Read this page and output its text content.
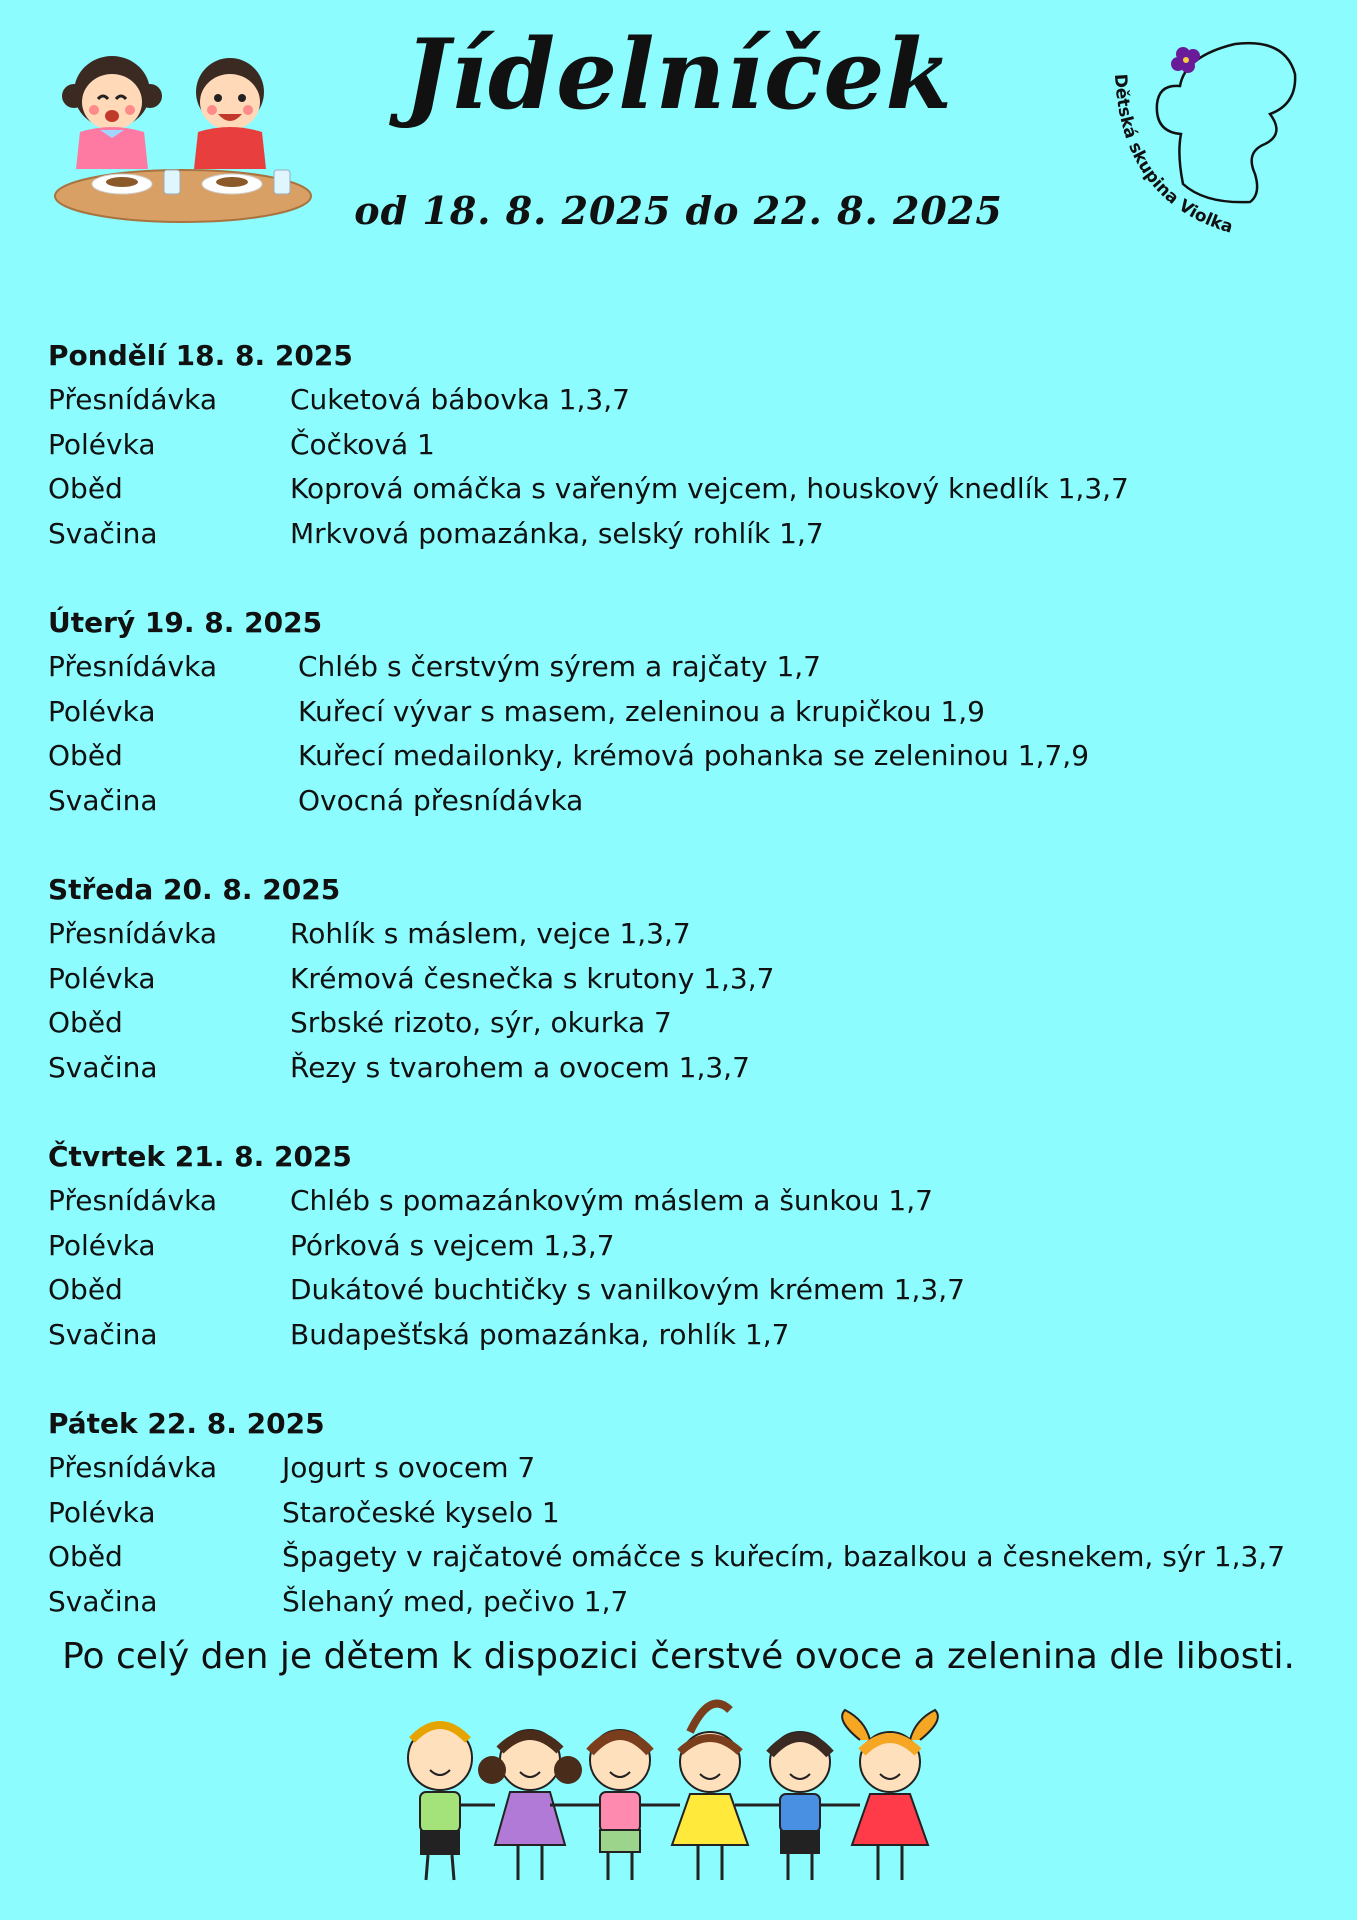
Jídelníček
od 18. 8. 2025 do 22. 8. 2025
Dětská skupina Violka
Pondělí 18. 8. 2025
Přesnídávka	Cuketová bábovka 1,3,7
Polévka	Čočková 1
Oběd	Koprová omáčka s vařeným vejcem, houskový knedlík 1,3,7
Svačina	Mrkvová pomazánka, selský rohlík 1,7
Úterý 19. 8. 2025
Přesnídávka	Chléb s čerstvým sýrem a rajčaty 1,7
Polévka	Kuřecí vývar s masem, zeleninou a krupičkou 1,9
Oběd	Kuřecí medailonky, krémová pohanka se zeleninou 1,7,9
Svačina	Ovocná přesnídávka
Středa 20. 8. 2025
Přesnídávka	Rohlík s máslem, vejce 1,3,7
Polévka	Krémová česnečka s krutony 1,3,7
Oběd	Srbské rizoto, sýr, okurka 7
Svačina	Řezy s tvarohem a ovocem 1,3,7
Čtvrtek 21. 8. 2025
Přesnídávka	Chléb s pomazánkovým máslem a šunkou 1,7
Polévka	Pórková s vejcem 1,3,7
Oběd	Dukátové buchtičky s vanilkovým krémem 1,3,7
Svačina	Budapešťská pomazánka, rohlík 1,7
Pátek 22. 8. 2025
Přesnídávka Jogurt s ovocem 7
Polévka	Staročeské kyselo 1
Oběd	Špagety v rajčatové omáčce s kuřecím, bazalkou a česnekem, sýr 1,3,7
Svačina	Šlehaný med, pečivo 1,7
Po celý den je dětem k dispozici čerstvé ovoce a zelenina dle libosti.
